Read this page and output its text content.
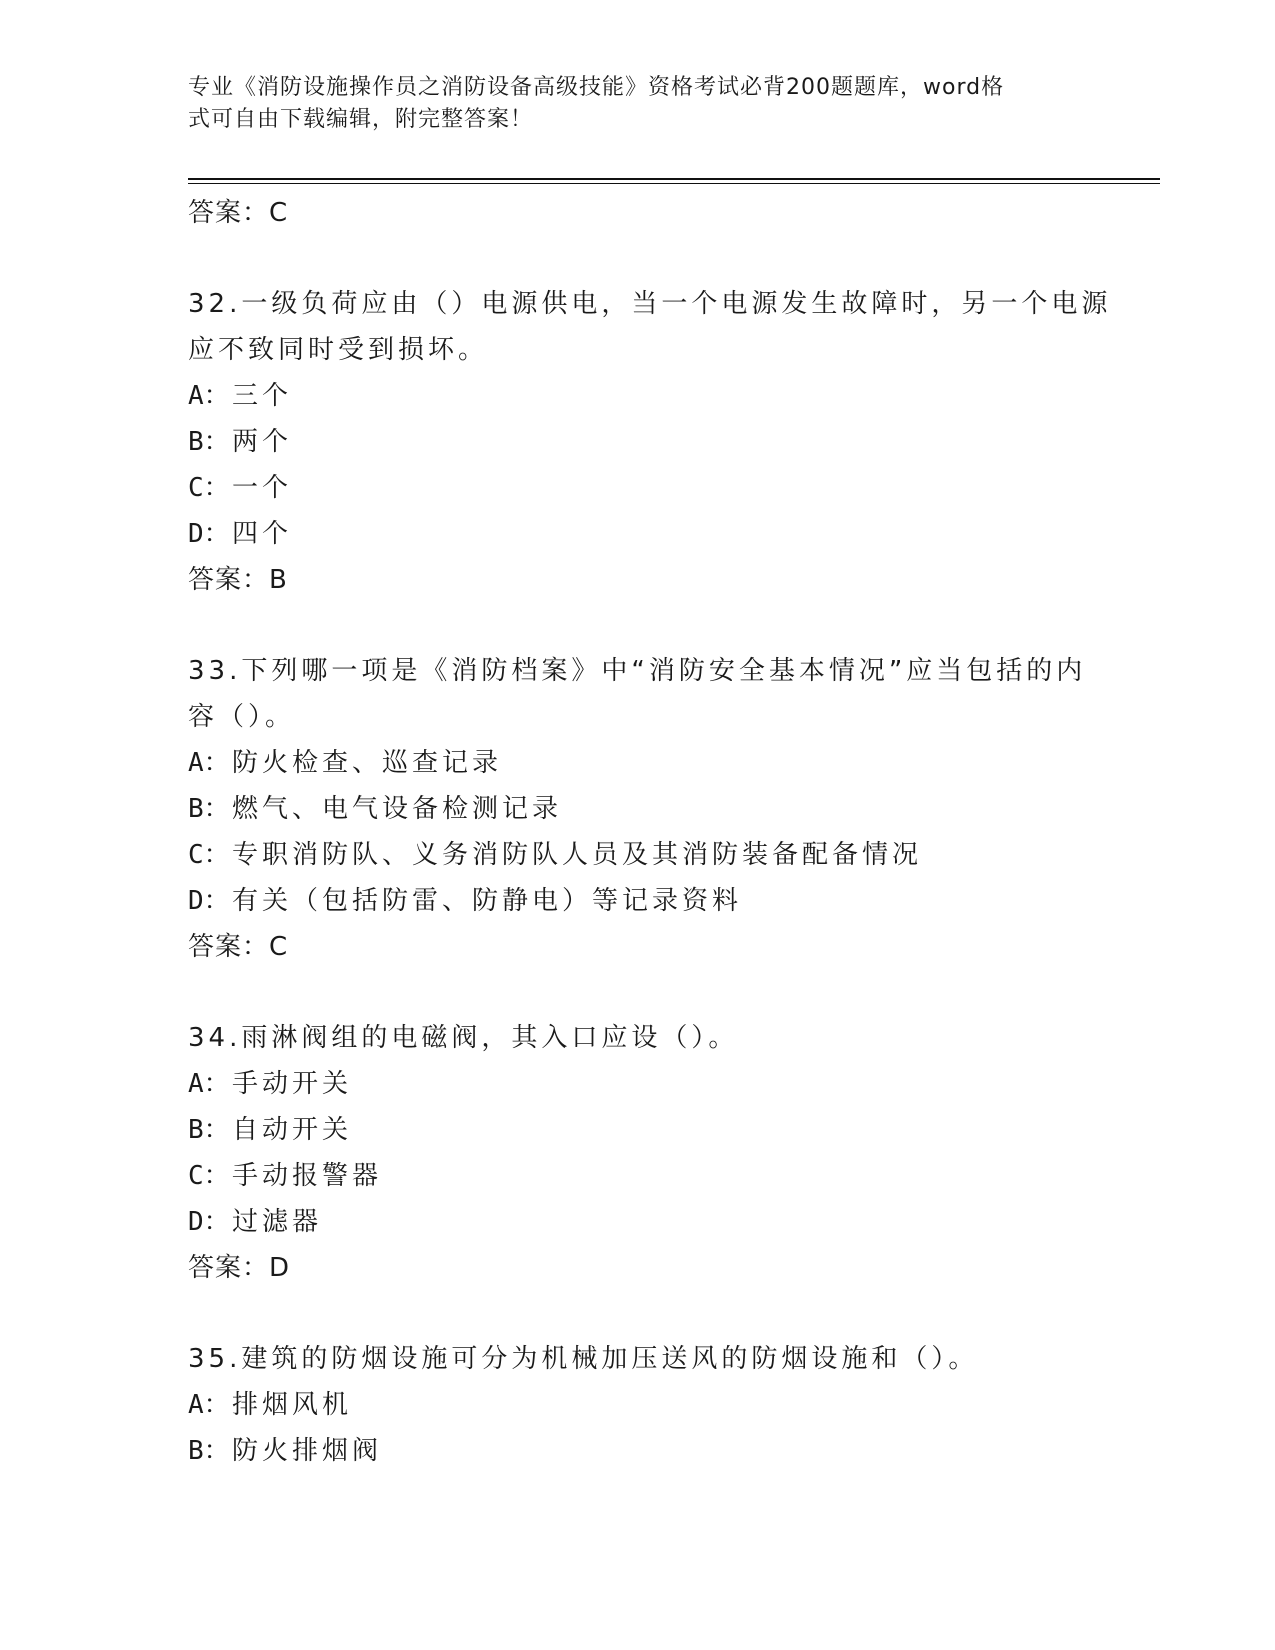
专业《消防设施操作员之消防设备高级技能》资格考试必背200题题库，word格
式可自由下载编辑，附完整答案！
答案：C
32.一级负荷应由（）电源供电，当一个电源发生故障时，另一个电源
应不致同时受到损坏。
A：三个
B：两个
C：一个
D：四个
答案：B
33.下列哪一项是《消防档案》中“消防安全基本情况”应当包括的内
容（）。
A：防火检查、巡查记录
B：燃气、电气设备检测记录
C：专职消防队、义务消防队人员及其消防装备配备情况
D：有关（包括防雷、防静电）等记录资料
答案：C
34.雨淋阀组的电磁阀，其入口应设（）。
A：手动开关
B：自动开关
C：手动报警器
D：过滤器
答案：D
35.建筑的防烟设施可分为机械加压送风的防烟设施和（）。
A：排烟风机
B：防火排烟阀
